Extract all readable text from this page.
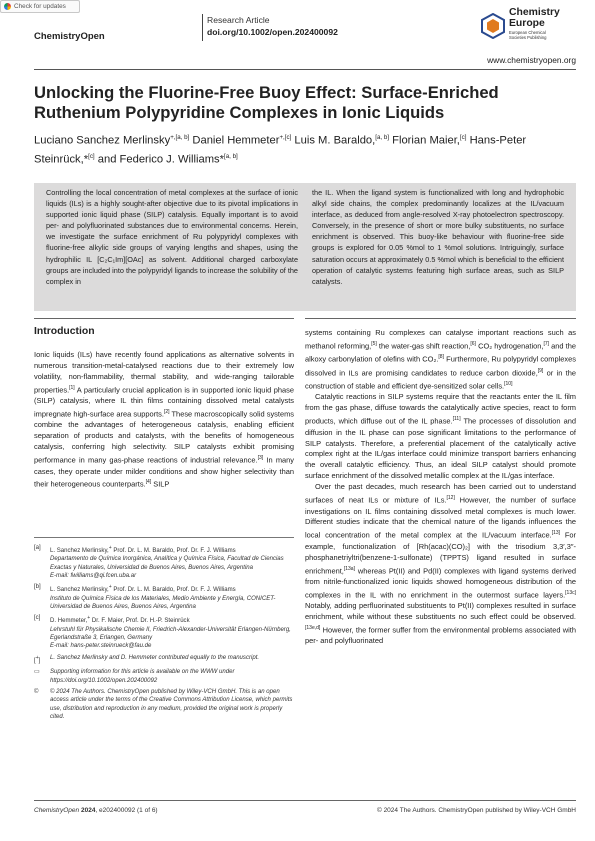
Check for updates
ChemistryOpen
Research Article
doi.org/10.1002/open.202400092
Chemistry
Europe
European Chemical
Societies Publishing
www.chemistryopen.org
Unlocking the Fluorine-Free Buoy Effect: Surface-Enriched Ruthenium Polypyridine Complexes in Ionic Liquids
Luciano Sanchez Merlinsky$^{+,[a, b]}$ Daniel Hemmeter$^{+,[c]}$ Luis M. Baraldo,[a, b] Florian Maier,[c] Hans-Peter Steinrück,*[c] and Federico J. Williams*[a, b]
Controlling the local concentration of metal complexes at the surface of ionic liquids (ILs) is a highly sought-after objective due to its pivotal implications in supported ionic liquid phase (SILP) catalysis. Equally important is to avoid per- and polyfluorinated substances due to environmental concerns. Herein, we investigate the surface enrichment of Ru polypyridyl complexes with fluorine-free alkylic side groups of varying lengths and shapes, using the hydrophilic IL [C₂C₁Im][OAc] as solvent. Additional charged carboxylate groups are included into the polypyridyl ligands to increase the solubility of the complex in
the IL. When the ligand system is functionalized with long and hydrophobic alkyl side chains, the complex predominantly localizes at the IL/vacuum interface, as deduced from angle-resolved X-ray photoelectron spectroscopy. Conversely, in the presence of short or more bulky substituents, no surface enrichment is observed. This buoy-like behaviour with fluorine-free side groups is explored for 0.05 %mol to 1 %mol solutions. Intriguingly, surface saturation occurs at approximately 0.5 %mol which is beneficial to the efficient operation of catalytic systems featuring high surface areas, such as SILP catalysts.
Introduction

Ionic liquids (ILs) have recently found applications as alternative solvents in numerous transition-metal-catalysed reactions due to their extremely low volatility, non-flammability, thermal stability, and wide-ranging tailorable properties.[1] A particularly crucial application is in supported ionic liquid phase (SILP) catalysis, where IL thin films containing dissolved metal catalysts impregnate high-surface area supports.[2] These macroscopically solid systems combine the advantages of heterogeneous catalysis, enabling efficient separation of products and catalysts, with the benefits of homogeneous catalysis, conferring high selectivity. SILP catalysts exhibit promising performance in many gas-phase reactions of industrial relevance.[3] In many cases, they operate under milder conditions and show higher selectivity than their heterogeneous counterparts.[4] SILP

systems containing Ru complexes can catalyse important reactions such as methanol reforming,[5] the water-gas shift reaction,[6] CO₂ hydrogenation,[7] and the alkoxy carbonylation of olefins with CO₂.[8] Furthermore, Ru polypyridyl complexes dissolved in ILs are promising candidates to reduce carbon dioxide,[9] or in the construction of stable and efficient dye-sensitized solar cells.[10]

Catalytic reactions in SILP systems require that the reactants enter the IL film from the gas phase, diffuse towards the catalytically active species, react to form products, which diffuse out of the IL phase.[11] The processes of dissolution and diffusion in the IL phase can pose significant limitations to the performance of SILP catalysts. Therefore, a preferential placement of the catalytically active complex right at the IL/gas interface could minimize transport barriers enhancing the overall catalytic efficiency. Thus, an ideal SILP catalyst should promote surface enrichment of the dissolved metallic complex at the IL/gas interface.

Over the past decades, much research has been carried out to understand surfaces of neat ILs or mixture of ILs.[12] However, the number of surface investigations on IL films containing dissolved metal complexes is much lower. Different studies indicate that the chemical nature of the ligands influences the local concentration of the metal complex at the IL/vacuum interface.[13] For example, functionalization of [Rh(acac)(CO)₂] with the trisodium 3,3′,3″-phosphanetriyltri(benzene-1-sulfonate) (TPPTS) ligand resulted in surface enrichment,[13a] whereas Pt(II) and Pd(II) complexes with ligand systems derived from nitrile-functionalized ionic liquids showed homogeneous distribution of the complexes in the IL with no enrichment in the outermost surface layers.[13c] Notably, adding perfluorinated substituents to Pt(II) complexes resulted in surface enrichment, while without these substituents no such effect could be observed.[13e,d] However, the former suffer from the environmental problems associated with per- and polyfluorinated

[a]
L. Sanchez Merlinsky,+ Prof. Dr. L. M. Baraldo, Prof. Dr. F. J. Williams
Departamento de Química Inorgánica, Analítica y Química Física, Facultad de Ciencias Exactas y Naturales, Universidad de Buenos Aires, Buenos Aires, Argentina
E-mail: fwilliams@qi.fcen.uba.ar
[b]
L. Sanchez Merlinsky,+ Prof. Dr. L. M. Baraldo, Prof. Dr. F. J. Williams
Instituto de Química Física de los Materiales, Medio Ambiente y Energía, CONICET-Universidad de Buenos Aires, Buenos Aires, Argentina
[c]
D. Hemmeter,+ Dr. F. Maier, Prof. Dr. H.-P. Steinrück
Lehrstuhl für Physikalische Chemie II, Friedrich-Alexander-Universität Erlangen-Nürnberg, Egerlandstraße 3, Erlangen, Germany
E-mail: hans-peter.steinrueck@fau.de
[+]
L. Sanchez Merlinsky and D. Hemmeter contributed equally to the manuscript.
▭	Supporting information for this article is available on the WWW under https://doi.org/10.1002/open.202400092
©	© 2024 The Authors. ChemistryOpen published by Wiley-VCH GmbH. This is an open access article under the terms of the Creative Commons Attribution License, which permits use, distribution and reproduction in any medium, provided the original work is properly cited.
ChemistryOpen 2024, e202400092 (1 of 6)	© 2024 The Authors. ChemistryOpen published by Wiley-VCH GmbH
